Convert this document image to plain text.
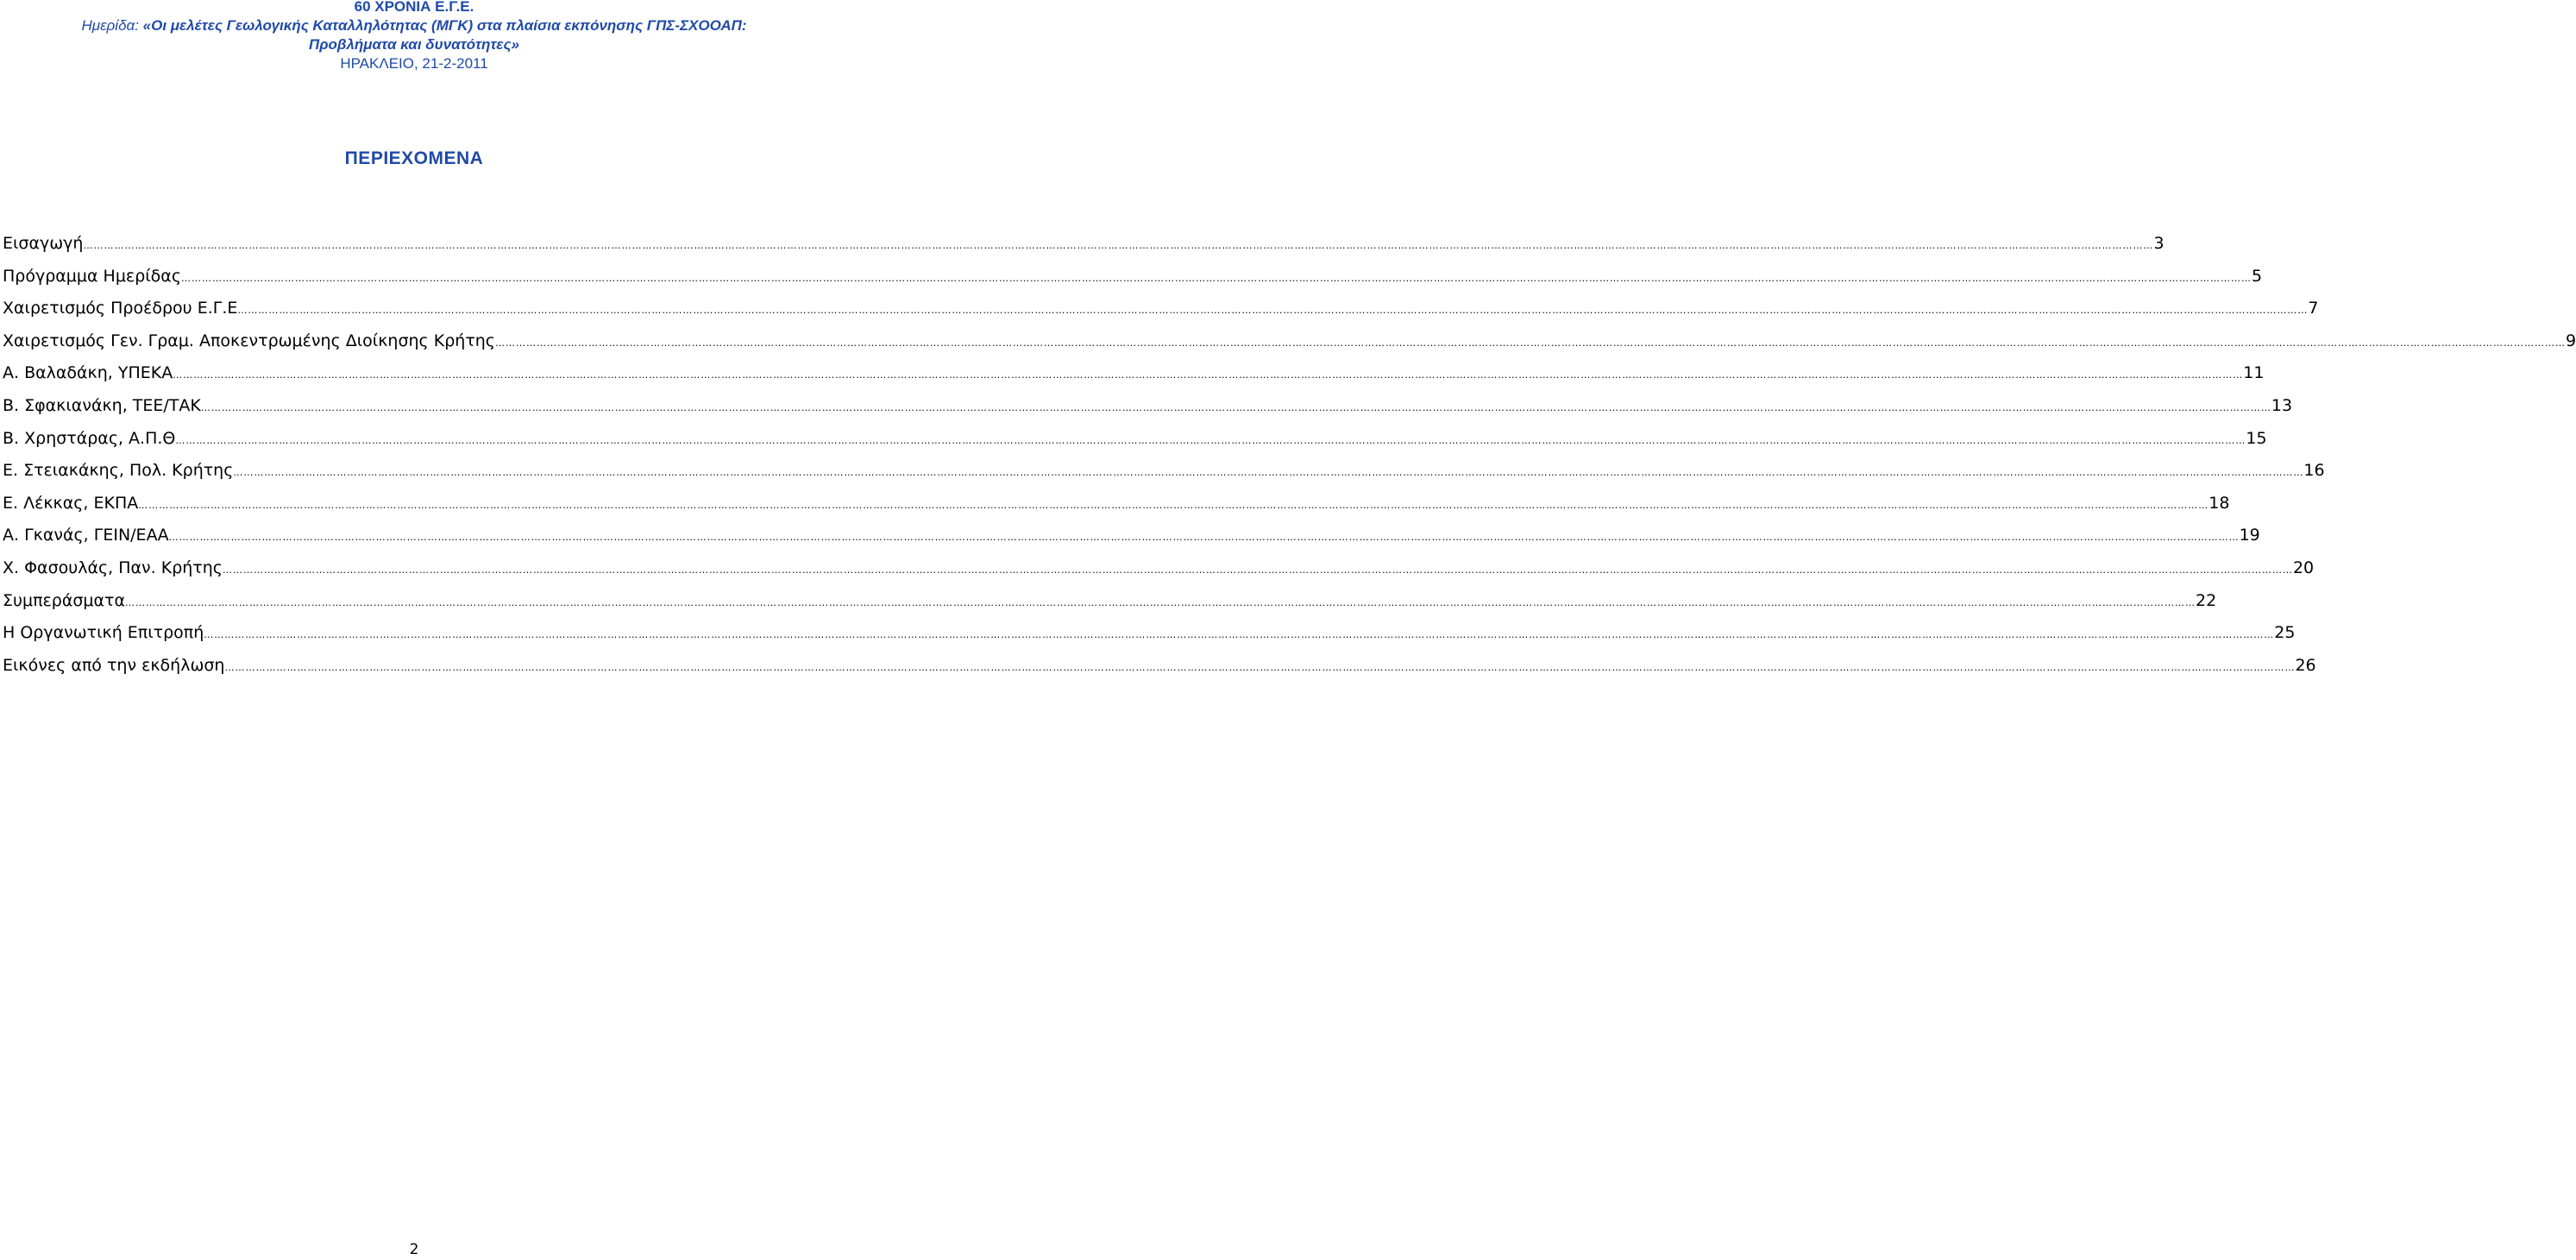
60 ΧΡΟΝΙΑ Ε.Γ.Ε.
Ημερίδα: «Οι μελέτες Γεωλογικής Καταλληλότητας (ΜΓΚ) στα πλαίσια εκπόνησης ΓΠΣ-ΣΧΟΟΑΠ:
Προβλήματα και δυνατότητες»
ΗΡΑΚΛΕΙΟ, 21-2-2011
ΠΕΡΙΕΧΟΜΕΝΑ
Εισαγωγή …………………………………………………………………………………………………………………………………………………………………………………………………………………………………………………………………………………………………………………………………………………………………………………………………………………………………………………………………………………………………………………………………………………… 3
Πρόγραμμα Ημερίδας …………………………………………………………………………………………………………………………………………………………………………………………………………………………………………………………………………………………………………………………………………………………………………………………………………………………………………………………………………………………………………………………………………………… 5
Χαιρετισμός Προέδρου Ε.Γ.Ε …………………………………………………………………………………………………………………………………………………………………………………………………………………………………………………………………………………………………………………………………………………………………………………………………………………………………………………………………………………………………………………………………………………… 7
Χαιρετισμός Γεν. Γραμ. Αποκεντρωμένης Διοίκησης Κρήτης …………………………………………………………………………………………………………………………………………………………………………………………………………………………………………………………………………………………………………………………………………………………………………………………………………………………………………………………………………………………………………………………………………………… 9
Α. Βαλαδάκη, ΥΠΕΚΑ …………………………………………………………………………………………………………………………………………………………………………………………………………………………………………………………………………………………………………………………………………………………………………………………………………………………………………………………………………………………………………………………………………………… 11
Β. Σφακιανάκη, ΤΕΕ/ΤΑΚ …………………………………………………………………………………………………………………………………………………………………………………………………………………………………………………………………………………………………………………………………………………………………………………………………………………………………………………………………………………………………………………………………………………… 13
Β. Χρηστάρας, Α.Π.Θ …………………………………………………………………………………………………………………………………………………………………………………………………………………………………………………………………………………………………………………………………………………………………………………………………………………………………………………………………………………………………………………………………………………… 15
Ε. Στειακάκης, Πολ. Κρήτης …………………………………………………………………………………………………………………………………………………………………………………………………………………………………………………………………………………………………………………………………………………………………………………………………………………………………………………………………………………………………………………………………………………… 16
Ε. Λέκκας, ΕΚΠΑ …………………………………………………………………………………………………………………………………………………………………………………………………………………………………………………………………………………………………………………………………………………………………………………………………………………………………………………………………………………………………………………………………………………… 18
Α. Γκανάς, ΓΕΙΝ/ΕΑΑ …………………………………………………………………………………………………………………………………………………………………………………………………………………………………………………………………………………………………………………………………………………………………………………………………………………………………………………………………………………………………………………………………………………… 19
Χ. Φασουλάς, Παν. Κρήτης …………………………………………………………………………………………………………………………………………………………………………………………………………………………………………………………………………………………………………………………………………………………………………………………………………………………………………………………………………………………………………………………………………………… 20
Συμπεράσματα …………………………………………………………………………………………………………………………………………………………………………………………………………………………………………………………………………………………………………………………………………………………………………………………………………………………………………………………………………………………………………………………………………………… 22
Η Οργανωτική Επιτροπή …………………………………………………………………………………………………………………………………………………………………………………………………………………………………………………………………………………………………………………………………………………………………………………………………………………………………………………………………………………………………………………………………………………… 25
Εικόνες από την εκδήλωση …………………………………………………………………………………………………………………………………………………………………………………………………………………………………………………………………………………………………………………………………………………………………………………………………………………………………………………………………………………………………………………………………………………… 26
2
